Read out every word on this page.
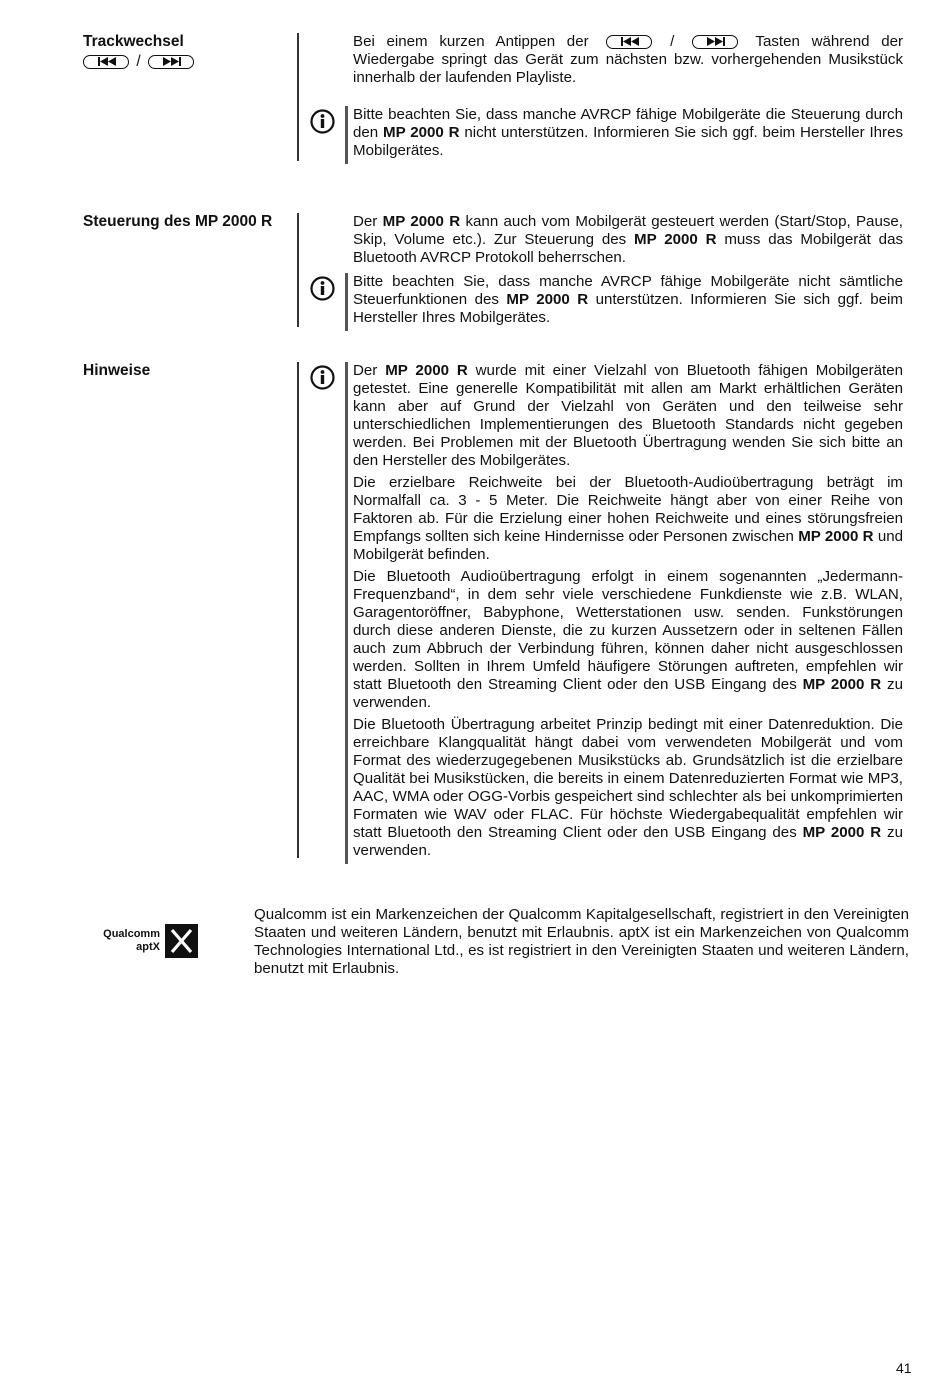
Trackwechsel
/

Bei einem kurzen Antippen der	/	Tasten während der Wiedergabe springt das Gerät zum nächsten bzw. vorhergehenden Musikstück innerhalb der laufenden Playliste.

Bitte beachten Sie, dass manche AVRCP fähige Mobilgeräte die Steuerung durch den MP 2000 R nicht unterstützen. Informieren Sie sich ggf. beim Hersteller Ihres Mobilgerätes.

Steuerung des MP 2000 R	Der MP 2000 R kann auch vom Mobilgerät gesteuert werden (Start/Stop, Pause, Skip, Volume etc.). Zur Steuerung des MP 2000 R muss das Mobilgerät das Bluetooth AVRCP Protokoll beherrschen.

Bitte beachten Sie, dass manche AVRCP fähige Mobilgeräte nicht sämtliche Steuerfunktionen des MP 2000 R unterstützen. Informieren Sie sich ggf. beim Hersteller Ihres Mobilgerätes.

Hinweise	Der MP 2000 R wurde mit einer Vielzahl von Bluetooth fähigen Mobilgeräten getestet. Eine generelle Kompatibilität mit allen am Markt erhältlichen Geräten kann aber auf Grund der Vielzahl von Geräten und den teilweise sehr unterschiedlichen Implementierungen des Bluetooth Standards nicht gegeben werden. Bei Problemen mit der Bluetooth Übertragung wenden Sie sich bitte an den Hersteller des Mobilgerätes.

Die erzielbare Reichweite bei der Bluetooth-Audioübertragung beträgt im Normalfall ca. 3 - 5 Meter. Die Reichweite hängt aber von einer Reihe von Faktoren ab. Für die Erzielung einer hohen Reichweite und eines störungsfreien Empfangs sollten sich keine Hindernisse oder Personen zwischen MP 2000 R und Mobilgerät befinden.

Die Bluetooth Audioübertragung erfolgt in einem sogenannten „Jedermann-Frequenzband“, in dem sehr viele verschiedene Funkdienste wie z.B. WLAN, Garagentoröffner, Babyphone, Wetterstationen usw. senden. Funkstörungen durch diese anderen Dienste, die zu kurzen Aussetzern oder in seltenen Fällen auch zum Abbruch der Verbindung führen, können daher nicht ausgeschlossen werden. Sollten in Ihrem Umfeld häufigere Störungen auftreten, empfehlen wir statt Bluetooth den Streaming Client oder den USB Eingang des MP 2000 R zu verwenden.

Die Bluetooth Übertragung arbeitet Prinzip bedingt mit einer Datenreduktion. Die erreichbare Klangqualität hängt dabei vom verwendeten Mobilgerät und vom Format des wiederzugegebenen Musikstücks ab. Grundsätzlich ist die erzielbare Qualität bei Musikstücken, die bereits in einem Datenreduzierten Format wie MP3, AAC, WMA oder OGG-Vorbis gespeichert sind schlechter als bei unkomprimierten Formaten wie WAV oder FLAC. Für höchste Wiedergabequalität empfehlen wir statt Bluetooth den Streaming Client oder den USB Eingang des MP 2000 R zu verwenden.

Qualcomm
aptX

Qualcomm ist ein Markenzeichen der Qualcomm Kapitalgesellschaft, registriert in den Vereinigten Staaten und weiteren Ländern, benutzt mit Erlaubnis. aptX ist ein Markenzeichen von Qualcomm Technologies International Ltd., es ist registriert in den Vereinigten Staaten und weiteren Ländern, benutzt mit Erlaubnis.

41
